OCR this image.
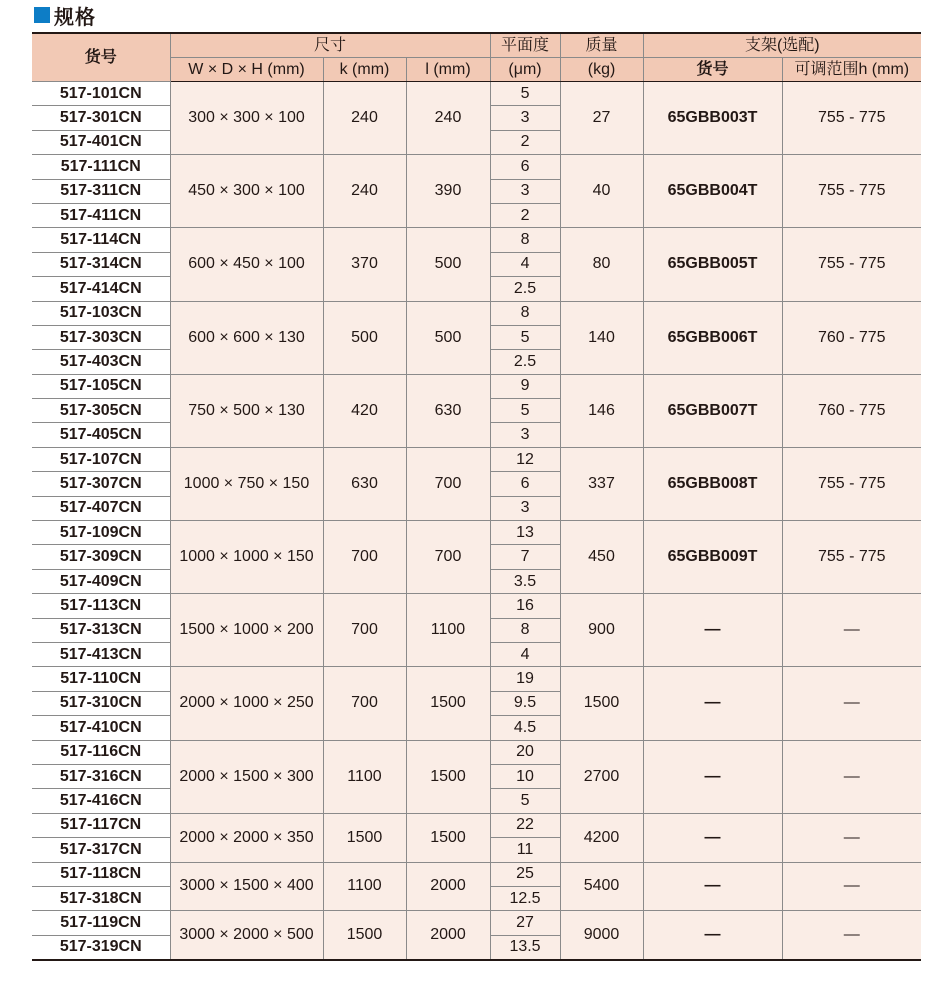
规格
货号	尺寸			平面度	质量	支架(选配)	
	W × D × H (mm)	k (mm)	l (mm)	(μm)	(kg)	货号	可调范围h (mm)
517-101CN	300 × 300 × 100	240	240	5	27	65GBB003T	755 - 775
517-301CN				3			
517-401CN				2			
517-111CN	450 × 300 × 100	240	390	6	40	65GBB004T	755 - 775
517-311CN				3			
517-411CN				2			
517-114CN	600 × 450 × 100	370	500	8	80	65GBB005T	755 - 775
517-314CN				4			
517-414CN				2.5			
517-103CN	600 × 600 × 130	500	500	8	140	65GBB006T	760 - 775
517-303CN				5			
517-403CN				2.5			
517-105CN	750 × 500 × 130	420	630	9	146	65GBB007T	760 - 775
517-305CN				5			
517-405CN				3			
517-107CN	1000 × 750 × 150	630	700	12	337	65GBB008T	755 - 775
517-307CN				6			
517-407CN				3			
517-109CN	1000 × 1000 × 150	700	700	13	450	65GBB009T	755 - 775
517-309CN				7			
517-409CN				3.5			
517-113CN	1500 × 1000 × 200	700	1100	16	900	—	—
517-313CN				8			
517-413CN				4			
517-110CN	2000 × 1000 × 250	700	1500	19	1500	—	—
517-310CN				9.5			
517-410CN				4.5			
517-116CN	2000 × 1500 × 300	1100	1500	20	2700	—	—
517-316CN				10			
517-416CN				5			
517-117CN	2000 × 2000 × 350	1500	1500	22	4200	—	—
517-317CN				11			
517-118CN	3000 × 1500 × 400	1100	2000	25	5400	—	—
517-318CN				12.5			
517-119CN	3000 × 2000 × 500	1500	2000	27	9000	—	—
517-319CN				13.5			
